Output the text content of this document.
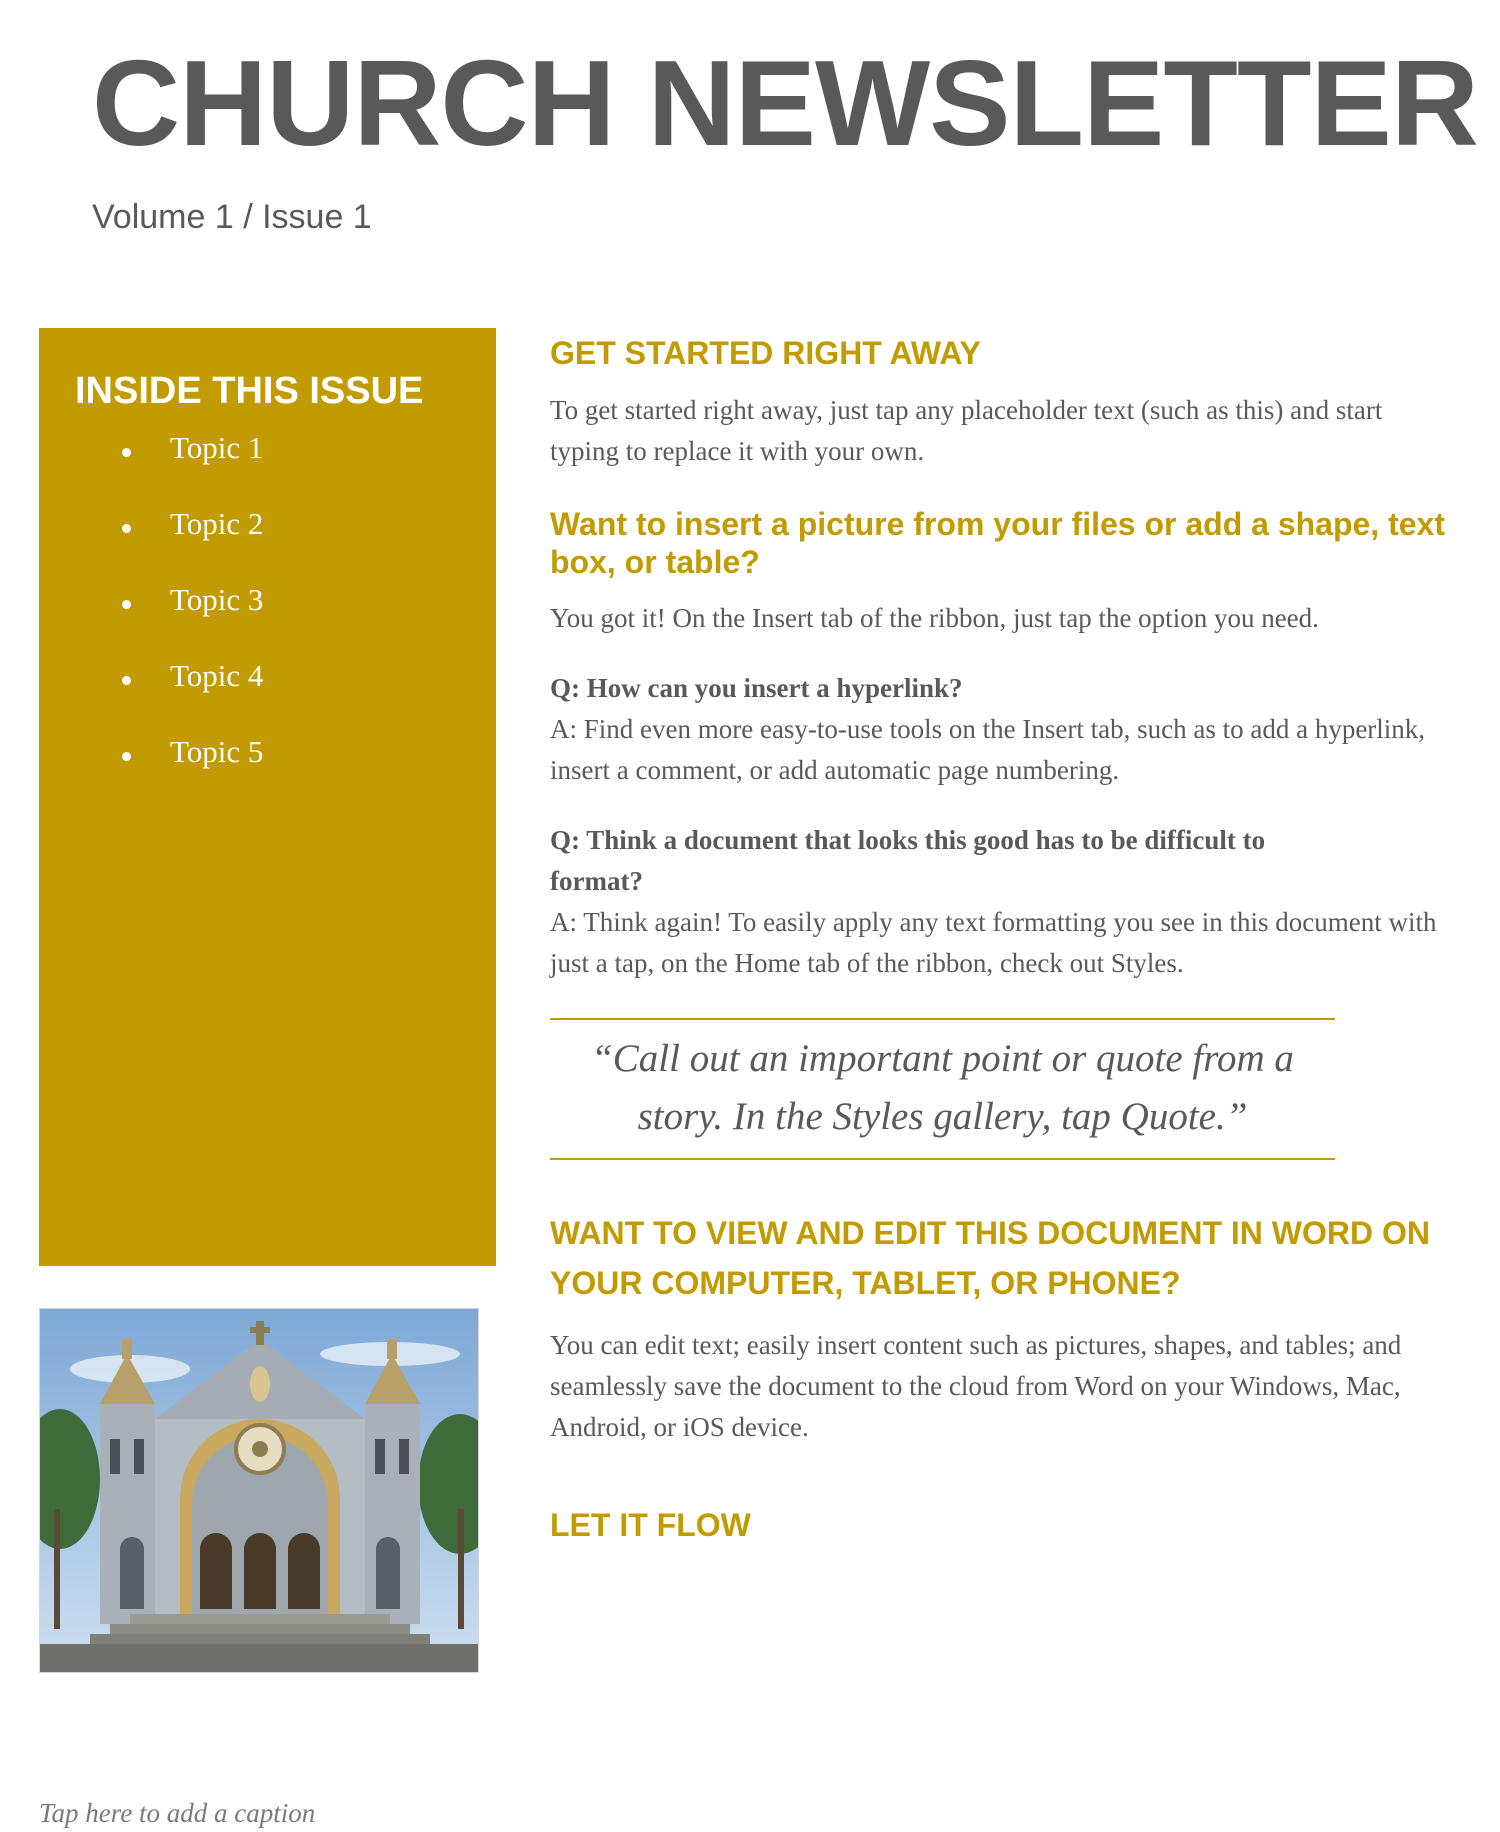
CHURCH NEWSLETTER
Volume 1 / Issue 1
INSIDE THIS ISSUE
Topic 1
Topic 2
Topic 3
Topic 4
Topic 5
Tap here to add a caption
GET STARTED RIGHT AWAY

To get started right away, just tap any placeholder text (such as this) and start typing to replace it with your own.

Want to insert a picture from your files or add a shape, text box, or table?

You got it! On the Insert tab of the ribbon, just tap the option you need.

Q: How can you insert a hyperlink?

A: Find even more easy-to-use tools on the Insert tab, such as to add a hyperlink, insert a comment, or add automatic page numbering.

Q: Think a document that looks this good has to be difficult to format?

A: Think again! To easily apply any text formatting you see in this document with just a tap, on the Home tab of the ribbon, check out Styles.

“Call out an important point or quote from a story. In the Styles gallery, tap Quote.”

WANT TO VIEW AND EDIT THIS DOCUMENT IN WORD ON YOUR COMPUTER, TABLET, OR PHONE?

You can edit text; easily insert content such as pictures, shapes, and tables; and seamlessly save the document to the cloud from Word on your Windows, Mac, Android, or iOS device.

LET IT FLOW
